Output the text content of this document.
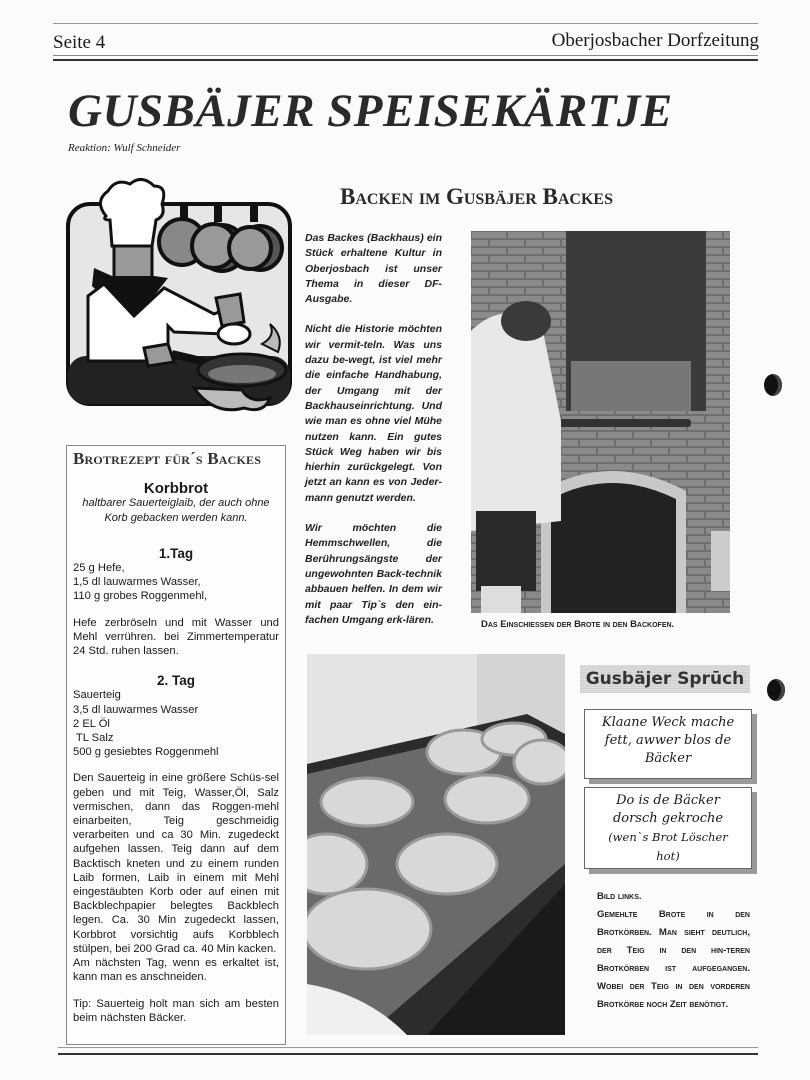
Seite 4	Oberjosbacher Dorfzeitung
GUSBÄJER SPEISEKÄRTJE
Reaktion: Wulf Schneider
Backen im Gusbäjer Backes

Das Backes (Backhaus) ein Stück erhaltene Kultur in Oberjosbach ist unser Thema in dieser DF-Ausgabe.

Nicht die Historie möchten wir vermit-teln. Was uns dazu be-wegt, ist viel mehr die einfache Handhabung, der Umgang mit der Backhauseinrichtung. Und wie man es ohne viel Mühe nutzen kann. Ein gutes Stück Weg haben wir bis hierhin zurückgelegt. Von jetzt an kann es von Jeder-mann genutzt werden.

Wir möchten die Hemmschwellen, die Berührungsängste der ungewohnten Back-technik abbauen helfen. In dem wir mit paar Tip`s den ein-fachen Umgang erk-lären.	Das Einschießen der Brote in den Backofen.
Brotrezept für´s Backes
Korbbrot
haltbarer Sauerteiglaib, der auch ohne Korb gebacken werden kann.
1.Tag
25 g Hefe,
1,5 dl lauwarmes Wasser,
110 g grobes Roggenmehl,
Hefe zerbröseln und mit Wasser und Mehl verrühren. bei Zimmertemperatur 24 Std. ruhen lassen.
2. Tag
Sauerteig
3,5 dl lauwarmes Wasser
2 EL Öl
TL Salz
500 g gesiebtes Roggenmehl
Den Sauerteig in eine größere Schüs-sel geben und mit Teig, Wasser,Öl, Salz vermischen, dann das Roggen-mehl einarbeiten, Teig geschmeidig verarbeiten und ca 30 Min. zugedeckt aufgehen lassen. Teig dann auf dem Backtisch kneten und zu einem runden Laib formen, Laib in einem mit Mehl eingestäubten Korb oder auf einen mit Backblechpapier belegtes Backblech legen. Ca. 30 Min zugedeckt lassen, Korbbrot vorsichtig aufs Korbblech stülpen, bei 200 Grad ca. 40 Min kacken.
Am nächsten Tag, wenn es erkaltet ist, kann man es anschneiden.
Tip: Sauerteig holt man sich am besten beim nächsten Bäcker.
Gusbäjer Sprūch
Klaane Weck mache
fett, awwer blos de
Bäcker
Do is de Bäcker
dorsch gekroche
(wen`s Brot Löscher
hot)
Bild links.
Gemehlte Brote in den Brotkörben. Man sieht deutlich, der Teig in den hin-teren Brotkörben ist aufgegangen. Wobei der Teig in den vorderen Brotkörbe noch Zeit benötigt.
